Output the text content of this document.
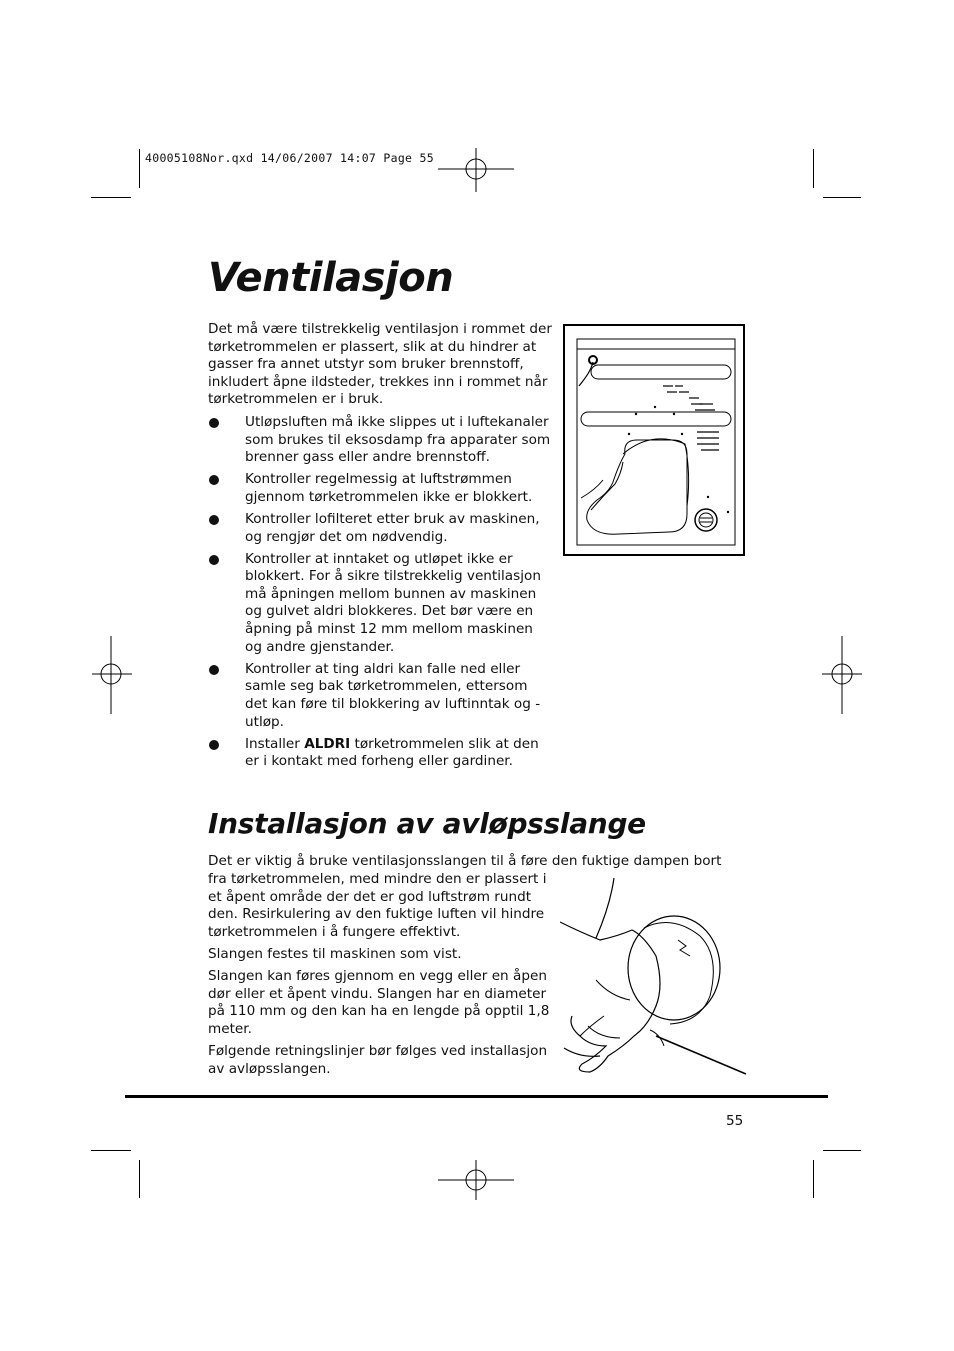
40005108Nor.qxd 14/06/2007 14:07 Page 55
Ventilasjon

Det må være tilstrekkelig ventilasjon i rommet der tørketrommelen er plassert, slik at du hindrer at gasser fra annet utstyr som bruker brennstoff, inkludert åpne ildsteder, trekkes inn i rommet når tørketrommelen er i bruk.

Utløpsluften må ikke slippes ut i luftekanaler som brukes til eksosdamp fra apparater som brenner gass eller andre brennstoff.
Kontroller regelmessig at luftstrømmen gjennom tørketrommelen ikke er blokkert.
Kontroller lofilteret etter bruk av maskinen, og rengjør det om nødvendig.
Kontroller at inntaket og utløpet ikke er blokkert. For å sikre tilstrekkelig ventilasjon må åpningen mellom bunnen av maskinen og gulvet aldri blokkeres. Det bør være en åpning på minst 12 mm mellom maskinen og andre gjenstander.
Kontroller at ting aldri kan falle ned eller samle seg bak tørketrommelen, ettersom det kan føre til blokkering av luftinntak og -utløp.
Installer ALDRI tørketrommelen slik at den er i kontakt med forheng eller gardiner.
Installasjon av avløpsslange

Det er viktig å bruke ventilasjonsslangen til å føre den fuktige dampen bort

fra tørketrommelen, med mindre den er plassert i et åpent område der det er god luftstrøm rundt den. Resirkulering av den fuktige luften vil hindre tørketrommelen i å fungere effektivt.

Slangen festes til maskinen som vist.

Slangen kan føres gjennom en vegg eller en åpen dør eller et åpent vindu. Slangen har en diameter på 110 mm og den kan ha en lengde på opptil 1,8 meter.

Følgende retningslinjer bør følges ved installasjon av avløpsslangen.

55
